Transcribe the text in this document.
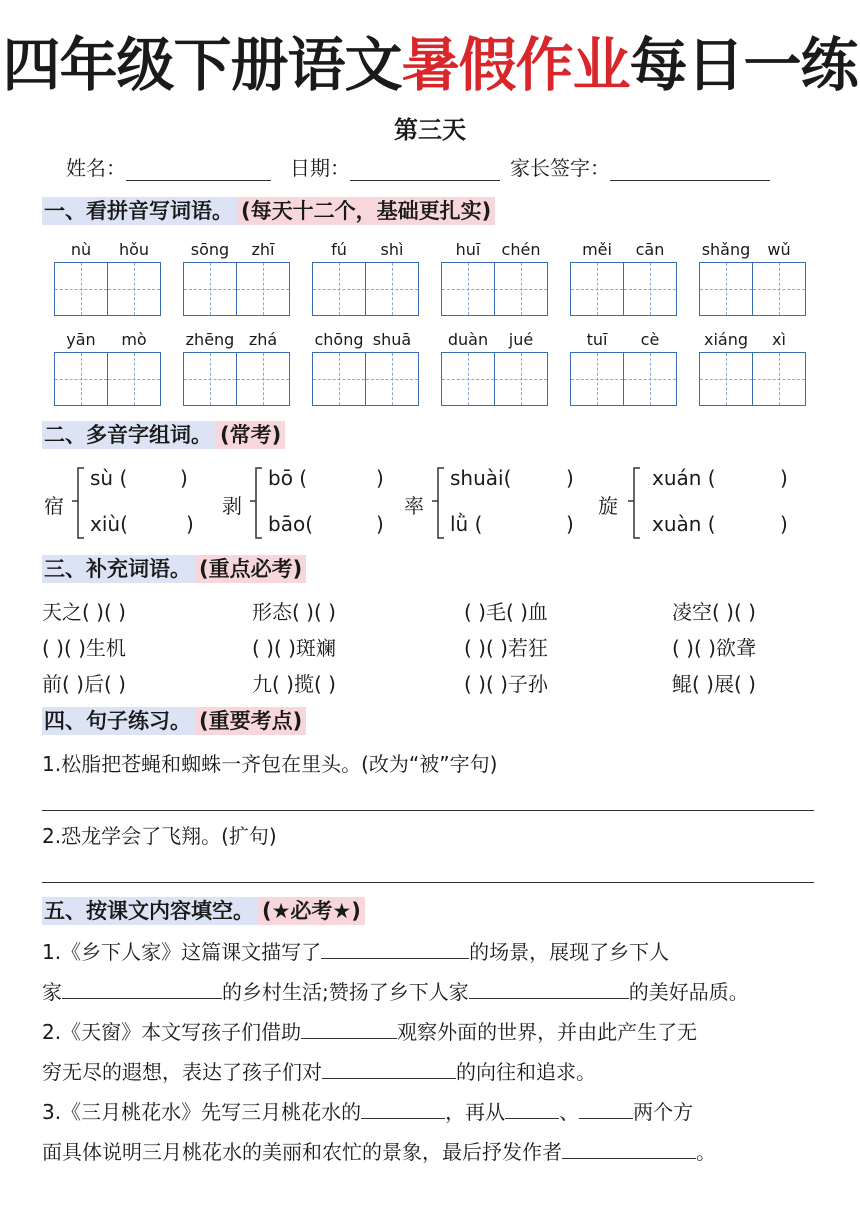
四年级下册语文暑假作业每日一练
第三天
姓名：	日期：	家长签字：
一、看拼音写词语。 (每天十二个，基础更扎实)
nù	hǒu	sōng	zhī	fú	shì	huī	chén	měi	cān	shǎng	wǔ
yān	mò	zhēng zhá	chōng shuā	duàn	jué	tuī	cè	xiáng	xì
二、多音字组词。 (常考)
宿
sù (	)
xiù(	)
剥
bō (	)
bāo(	)
率
shuài(	)
lǜ (	)
旋
xuán (	)
xuàn (	)
三、补充词语。 (重点必考)
天之( )( )	形态( )( )	( )毛( )血	凌空( )( )
( )( )生机	( )( )斑斓	( )( )若狂	( )( )欲聋
前( )后( )	九( )揽( )	( )( )子孙	鲲( )展( )
四、句子练习。 (重要考点)
1.松脂把苍蝇和蜘蛛一齐包在里头。(改为“被”字句)
2.恐龙学会了飞翔。(扩句)
五、按课文内容填空。 (★必考★)
1.《乡下人家》这篇课文描写了	的场景，展现了乡下人
家	的乡村生活;赞扬了乡下人家	的美好品质。
2.《天窗》本文写孩子们借助	观察外面的世界，并由此产生了无
穷无尽的遐想，表达了孩子们对	的向往和追求。
3.《三月桃花水》先写三月桃花水的	，再从	、	两个方
面具体说明三月桃花水的美丽和农忙的景象，最后抒发作者	。
